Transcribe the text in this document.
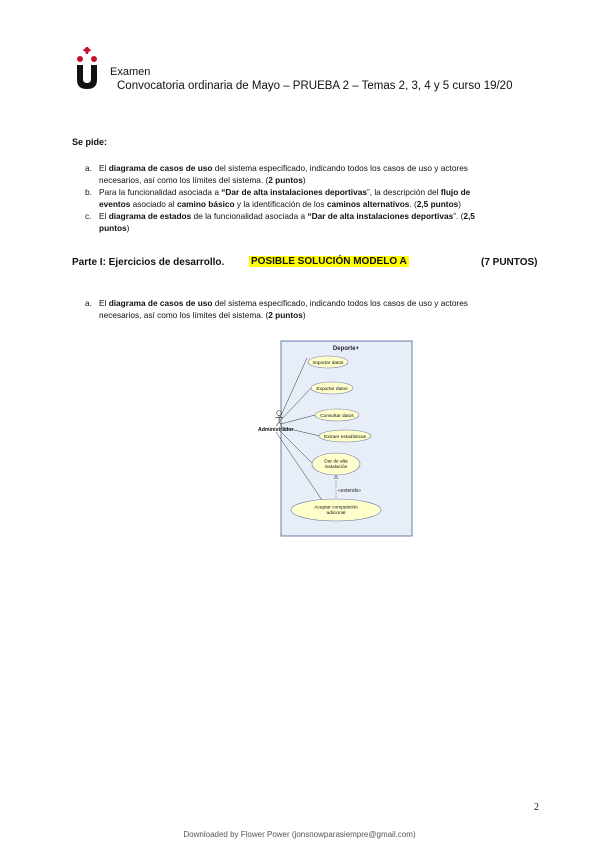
Examen
Convocatoria ordinaria de Mayo – PRUEBA 2 – Temas 2, 3, 4 y 5 curso 19/20
Se pide:
a. El diagrama de casos de uso del sistema especificado, indicando todos los casos de uso y actores
necesarios, así como los límites del sistema. (2 puntos)
b. Para la funcionalidad asociada a “Dar de alta instalaciones deportivas”, la descripción del flujo de
eventos asociado al camino básico y la identificación de los caminos alternativos. (2,5 puntos)
c. El diagrama de estados de la funcionalidad asociada a “Dar de alta instalaciones deportivas”. (2,5
puntos)
Parte I: Ejercicios de desarrollo.	POSIBLE SOLUCIÓN MODELO A	(7 PUNTOS)
a. El diagrama de casos de uso del sistema especificado, indicando todos los casos de uso y actores
necesarios, así como los límites del sistema. (2 puntos)
Deporte+
«extends»
Administrador
Importar datos
Exportar datos
Consultar datos
Extraer estadísticas
Dar de alta
instalación
Aceptar competición
adicional
2
Downloaded by Flower Power (jonsnowparasiempre@gmail.com)
